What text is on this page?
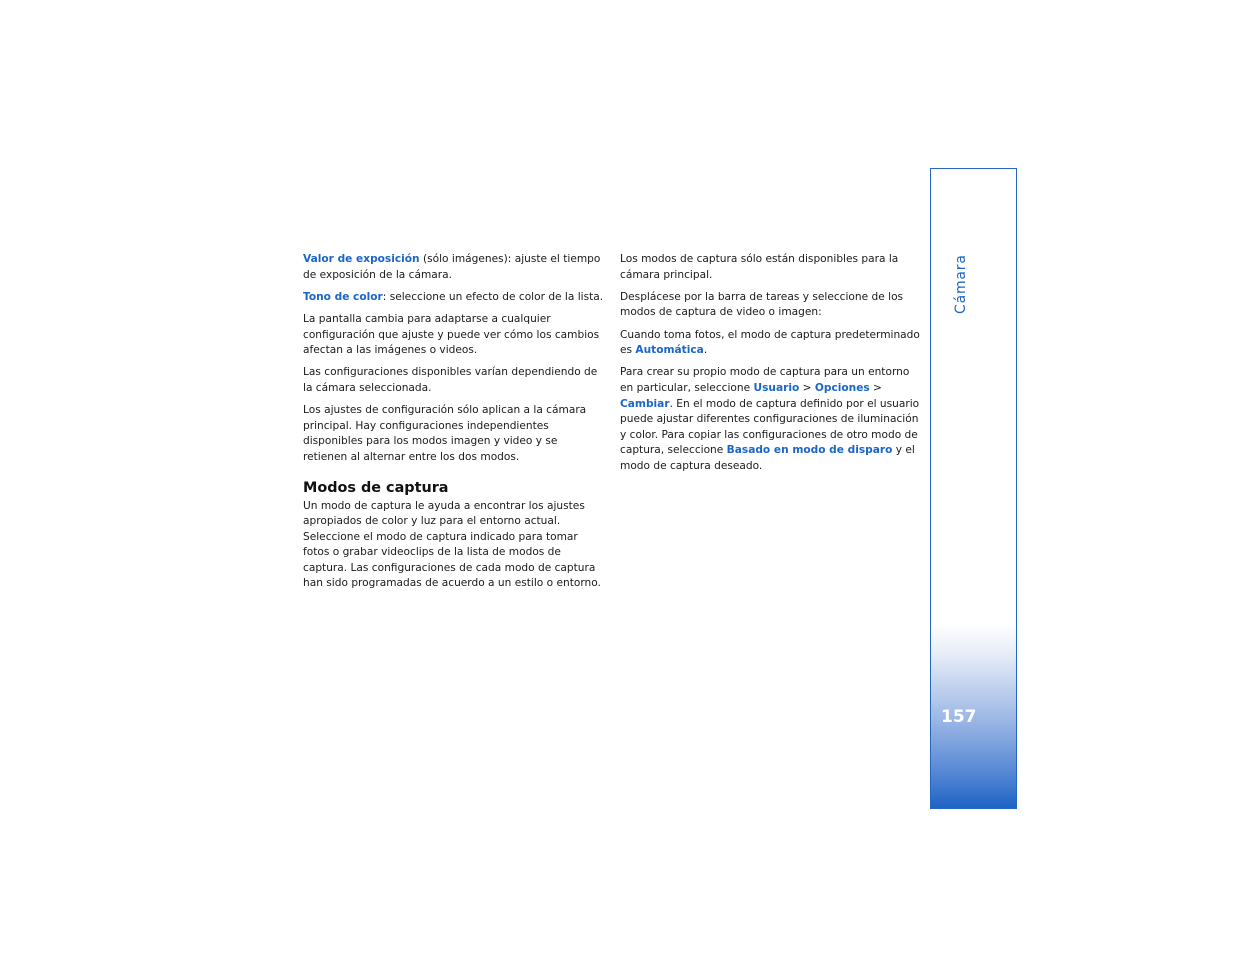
Valor de exposición (sólo imágenes): ajuste el tiempo de exposición de la cámara.

Tono de color: seleccione un efecto de color de la lista.

La pantalla cambia para adaptarse a cualquier configuración que ajuste y puede ver cómo los cambios afectan a las imágenes o videos.

Las configuraciones disponibles varían dependiendo de la cámara seleccionada.

Los ajustes de configuración sólo aplican a la cámara principal. Hay configuraciones independientes disponibles para los modos imagen y video y se retienen al alternar entre los dos modos.

Modos de captura

Un modo de captura le ayuda a encontrar los ajustes apropiados de color y luz para el entorno actual. Seleccione el modo de captura indicado para tomar fotos o grabar videoclips de la lista de modos de captura. Las configuraciones de cada modo de captura han sido programadas de acuerdo a un estilo o entorno.

Los modos de captura sólo están disponibles para la cámara principal.

Desplácese por la barra de tareas y seleccione de los modos de captura de video o imagen:

Cuando toma fotos, el modo de captura predeterminado es Automática.

Para crear su propio modo de captura para un entorno en particular, seleccione Usuario > Opciones > Cambiar. En el modo de captura definido por el usuario puede ajustar diferentes configuraciones de iluminación y color. Para copiar las configuraciones de otro modo de captura, seleccione Basado en modo de disparo y el modo de captura deseado.

Cámara
157
